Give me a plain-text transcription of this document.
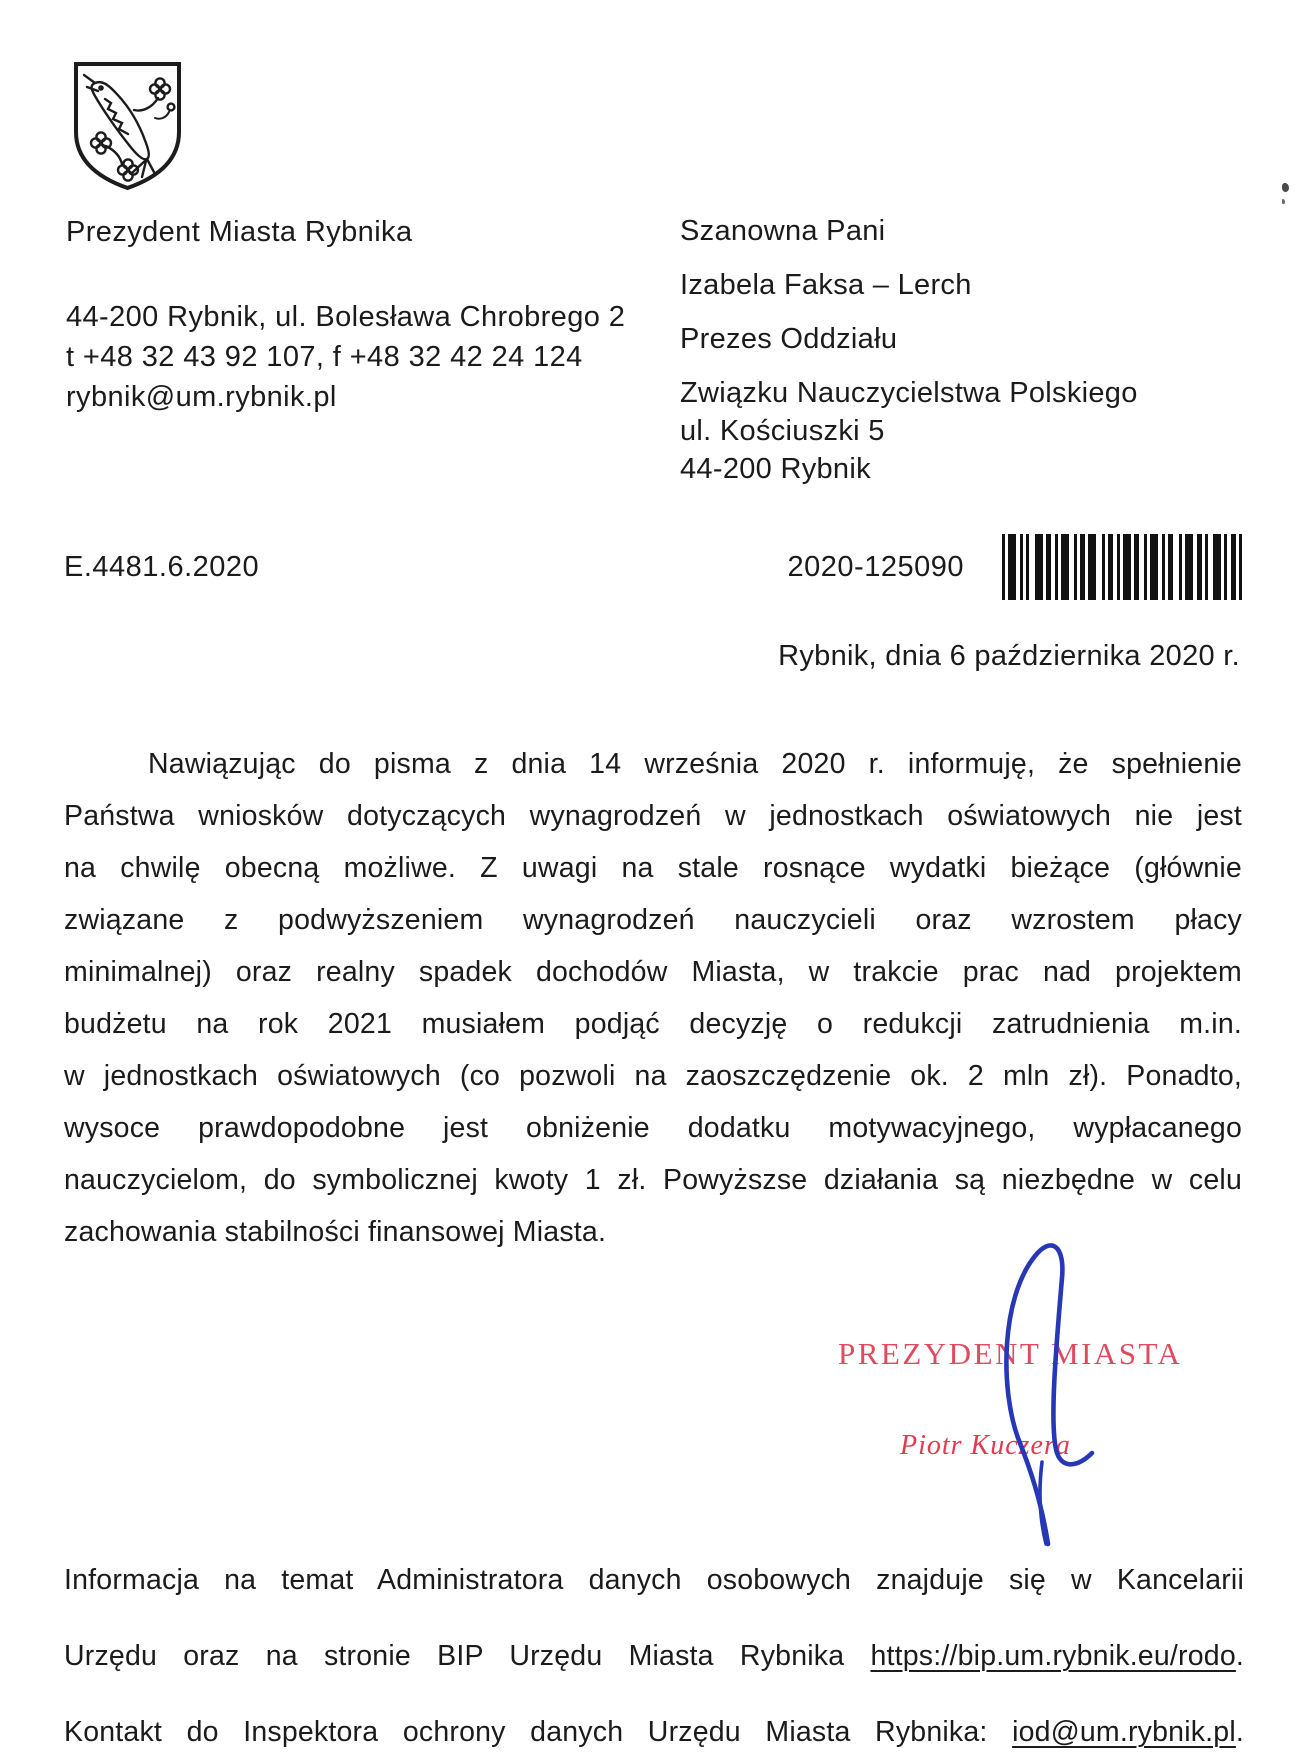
Prezydent Miasta Rybnika

44-200 Rybnik, ul. Bolesława Chrobrego 2

t +48 32 43 92 107, f +48 32 42 24 124

rybnik@um.rybnik.pl

Szanowna Pani

Izabela Faksa – Lerch

Prezes Oddziału

Związku Nauczycielstwa Polskiego

ul. Kościuszki 5

44-200 Rybnik

E.4481.6.2020	2020-125090
Rybnik, dnia 6 października 2020 r.
Nawiązując do pisma z dnia 14 września 2020 r. informuję, że spełnienie
Państwa wniosków dotyczących wynagrodzeń w jednostkach oświatowych nie jest
na chwilę obecną możliwe. Z uwagi na stale rosnące wydatki bieżące (głównie
związane z podwyższeniem wynagrodzeń nauczycieli oraz wzrostem płacy
minimalnej) oraz realny spadek dochodów Miasta, w trakcie prac nad projektem
budżetu na rok 2021 musiałem podjąć decyzję o redukcji zatrudnienia m.in.
w jednostkach oświatowych (co pozwoli na zaoszczędzenie ok. 2 mln zł). Ponadto,
wysoce prawdopodobne jest obniżenie dodatku motywacyjnego, wypłacanego
nauczycielom, do symbolicznej kwoty 1 zł. Powyższse działania są niezbędne w celu
zachowania stabilności finansowej Miasta.
PREZYDENT MIASTA
Piotr Kuczera
Informacja na temat Administratora danych osobowych znajduje się w Kancelarii
Urzędu oraz na stronie BIP Urzędu Miasta Rybnika https://bip.um.rybnik.eu/rodo.
Kontakt do Inspektora ochrony danych Urzędu Miasta Rybnika: iod@um.rybnik.pl.
